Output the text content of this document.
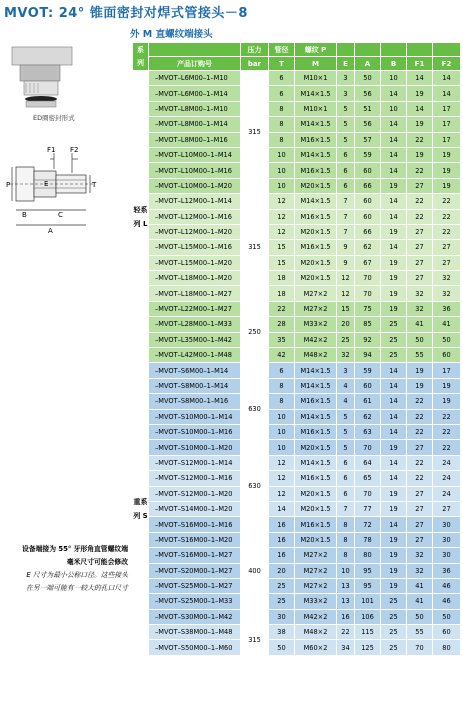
MVOT: 24° 锥面密封对焊式管接头－8
外 M 直螺纹端接头
ED圈密封形式
F1 F2
P	E	T
B	C
A
设备端接为 55° 牙形角直管螺纹端
毫米尺寸可能会修改
E 尺寸为最小公称口径。这些接头
在另一端可能有一较大的孔口尺寸
系
列		压力	管径	螺纹 P					
	产品订购号	bar	T	M	E	A	B	F1	F2
轻系列 L	–MVOT–L6M00–1–M10	315	6	M10×1	3	50	10	14	14
	–MVOT–L6M00–1–M14		6	M14×1.5	3	56	14	19	14
	–MVOT–L8M00–1–M10		8	M10×1	5	51	10	14	17
	–MVOT–L8M00–1–M14		8	M14×1.5	5	56	14	19	17
	–MVOT–L8M00–1–M16		8	M16×1.5	5	57	14	22	17
	–MVOT–L10M00–1–M14		10	M14×1.5	6	59	14	19	19
	–MVOT–L10M00–1–M16		10	M16×1.5	6	60	14	22	19
	–MVOT–L10M00–1–M20		10	M20×1.5	6	66	19	27	19
	–MVOT–L12M00–1–M14	315	12	M14×1.5	7	60	14	22	22
	–MVOT–L12M00–1–M16		12	M16×1.5	7	60	14	22	22
	–MVOT–L12M00–1–M20		12	M20×1.5	7	66	19	27	22
	–MVOT–L15M00–1–M16		15	M16×1.5	9	62	14	27	27
	–MVOT–L15M00–1–M20		15	M20×1.5	9	67	19	27	27
	–MVOT–L18M00–1–M20		18	M20×1.5	12	70	19	27	32
	–MVOT–L18M00–1–M27		18	M27×2	12	70	19	32	32
	–MVOT–L22M00–1–M27	250	22	M27×2	15	75	19	32	36
	–MVOT–L28M00–1–M33		28	M33×2	20	85	25	41	41
	–MVOT–L35M00–1–M42		35	M42×2	25	92	25	50	50
	–MVOT–L42M00–1–M48		42	M48×2	32	94	25	55	60
重系列 S	–MVOT–S6M00–1–M14	630	6	M14×1.5	3	59	14	19	17
	–MVOT–S8M00–1–M14		8	M14×1.5	4	60	14	19	19
	–MVOT–S8M00–1–M16		8	M16×1.5	4	61	14	22	19
	–MVOT–S10M00–1–M14		10	M14×1.5	5	62	14	22	22
	–MVOT–S10M00–1–M16		10	M16×1.5	5	63	14	22	22
	–MVOT–S10M00–1–M20		10	M20×1.5	5	70	19	27	22
	–MVOT–S12M00–1–M14	630	12	M14×1.5	6	64	14	22	24
	–MVOT–S12M00–1–M16		12	M16×1.5	6	65	14	22	24
	–MVOT–S12M00–1–M20		12	M20×1.5	6	70	19	27	24
	–MVOT–S14M00–1–M20		14	M20×1.5	7	77	19	27	27
	–MVOT–S16M00–1–M16	400	16	M16×1.5	8	72	14	27	30
	–MVOT–S16M00–1–M20		16	M20×1.5	8	78	19	27	30
	–MVOT–S16M00–1–M27		16	M27×2	8	80	19	32	30
	–MVOT–S20M00–1–M27		20	M27×2	10	95	19	32	36
	–MVOT–S25M00–1–M27		25	M27×2	13	95	19	41	46
	–MVOT–S25M00–1–M33		25	M33×2	13	101	25	41	46
	–MVOT–S30M00–1–M42		30	M42×2	16	106	25	50	50
	–MVOT–S38M00–1–M48	315	38	M48×2	22	115	25	55	60
	–MVOT–S50M00–1–M60		50	M60×2	34	125	25	70	80
